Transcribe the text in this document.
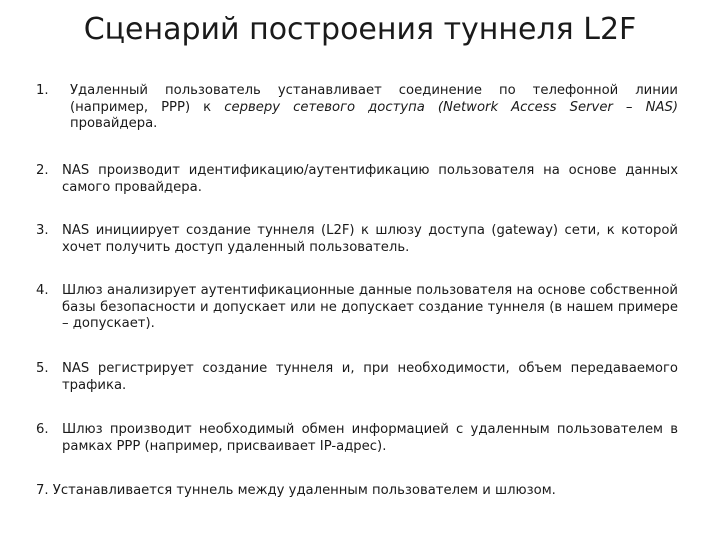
Сценарий построения туннеля L2F
1.	Удаленный пользователь устанавливает соединение по телефонной линии (например, PPP) к серверу сетевого доступа (Network Access Server – NAS) провайдера.
2.	NAS производит идентификацию/аутентификацию пользователя на основе данных самого провайдера.
3.	NAS инициирует создание туннеля (L2F) к шлюзу доступа (gateway) сети, к которой хочет получить доступ удаленный пользователь.
4.	Шлюз анализирует аутентификационные данные пользователя на основе собственной базы безопасности и допускает или не допускает создание туннеля (в нашем примере – допускает).
5.	NAS регистрирует создание туннеля и, при необходимости, объем передаваемого трафика.
6.	Шлюз производит необходимый обмен информацией с удаленным пользователем в рамках PPP (например, присваивает IP-адрес).
7. Устанавливается туннель между удаленным пользователем и шлюзом.
